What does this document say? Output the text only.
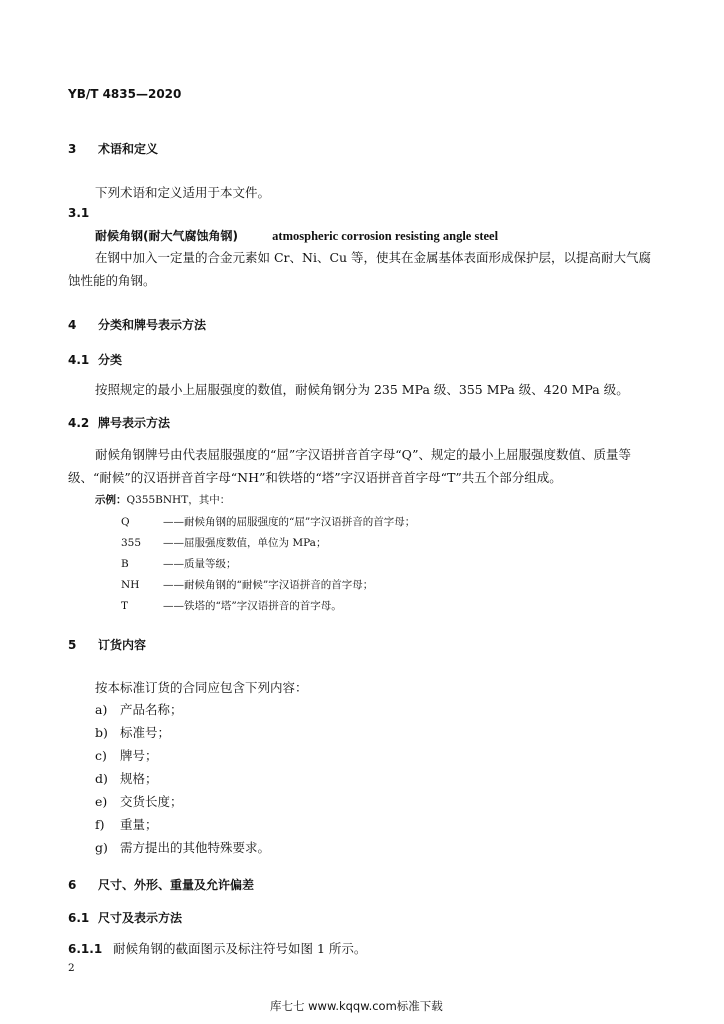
YB/T 4835—2020
3 术语和定义
下列术语和定义适用于本文件。
3.1
耐候角钢(耐大气腐蚀角钢)	atmospheric corrosion resisting angle steel
在钢中加入一定量的合金元素如 Cr、Ni、Cu 等，使其在金属基体表面形成保护层，以提高耐大气腐
蚀性能的角钢。
4 分类和牌号表示方法
4.1 分类
按照规定的最小上屈服强度的数值，耐候角钢分为 235 MPa 级、355 MPa 级、420 MPa 级。
4.2 牌号表示方法
耐候角钢牌号由代表屈服强度的“屈”字汉语拼音首字母“Q”、规定的最小上屈服强度数值、质量等
级、“耐候”的汉语拼音首字母“NH”和铁塔的“塔”字汉语拼音首字母“T”共五个部分组成。
示例：Q355BNHT，其中：
Q	——耐候角钢的屈服强度的“屈”字汉语拼音的首字母；
355 ——屈服强度数值，单位为 MPa；
B	——质量等级；
NH ——耐候角钢的“耐候”字汉语拼音的首字母；
T	——铁塔的“塔”字汉语拼音的首字母。
5 订货内容
按本标准订货的合同应包含下列内容：
a) 产品名称；
b) 标准号；
c) 牌号；
d) 规格；
e) 交货长度；
f) 重量；
g) 需方提出的其他特殊要求。
6 尺寸、外形、重量及允许偏差
6.1 尺寸及表示方法
6.1.1 耐候角钢的截面图示及标注符号如图 1 所示。
2
库七七 www.kqqw.com标准下载
